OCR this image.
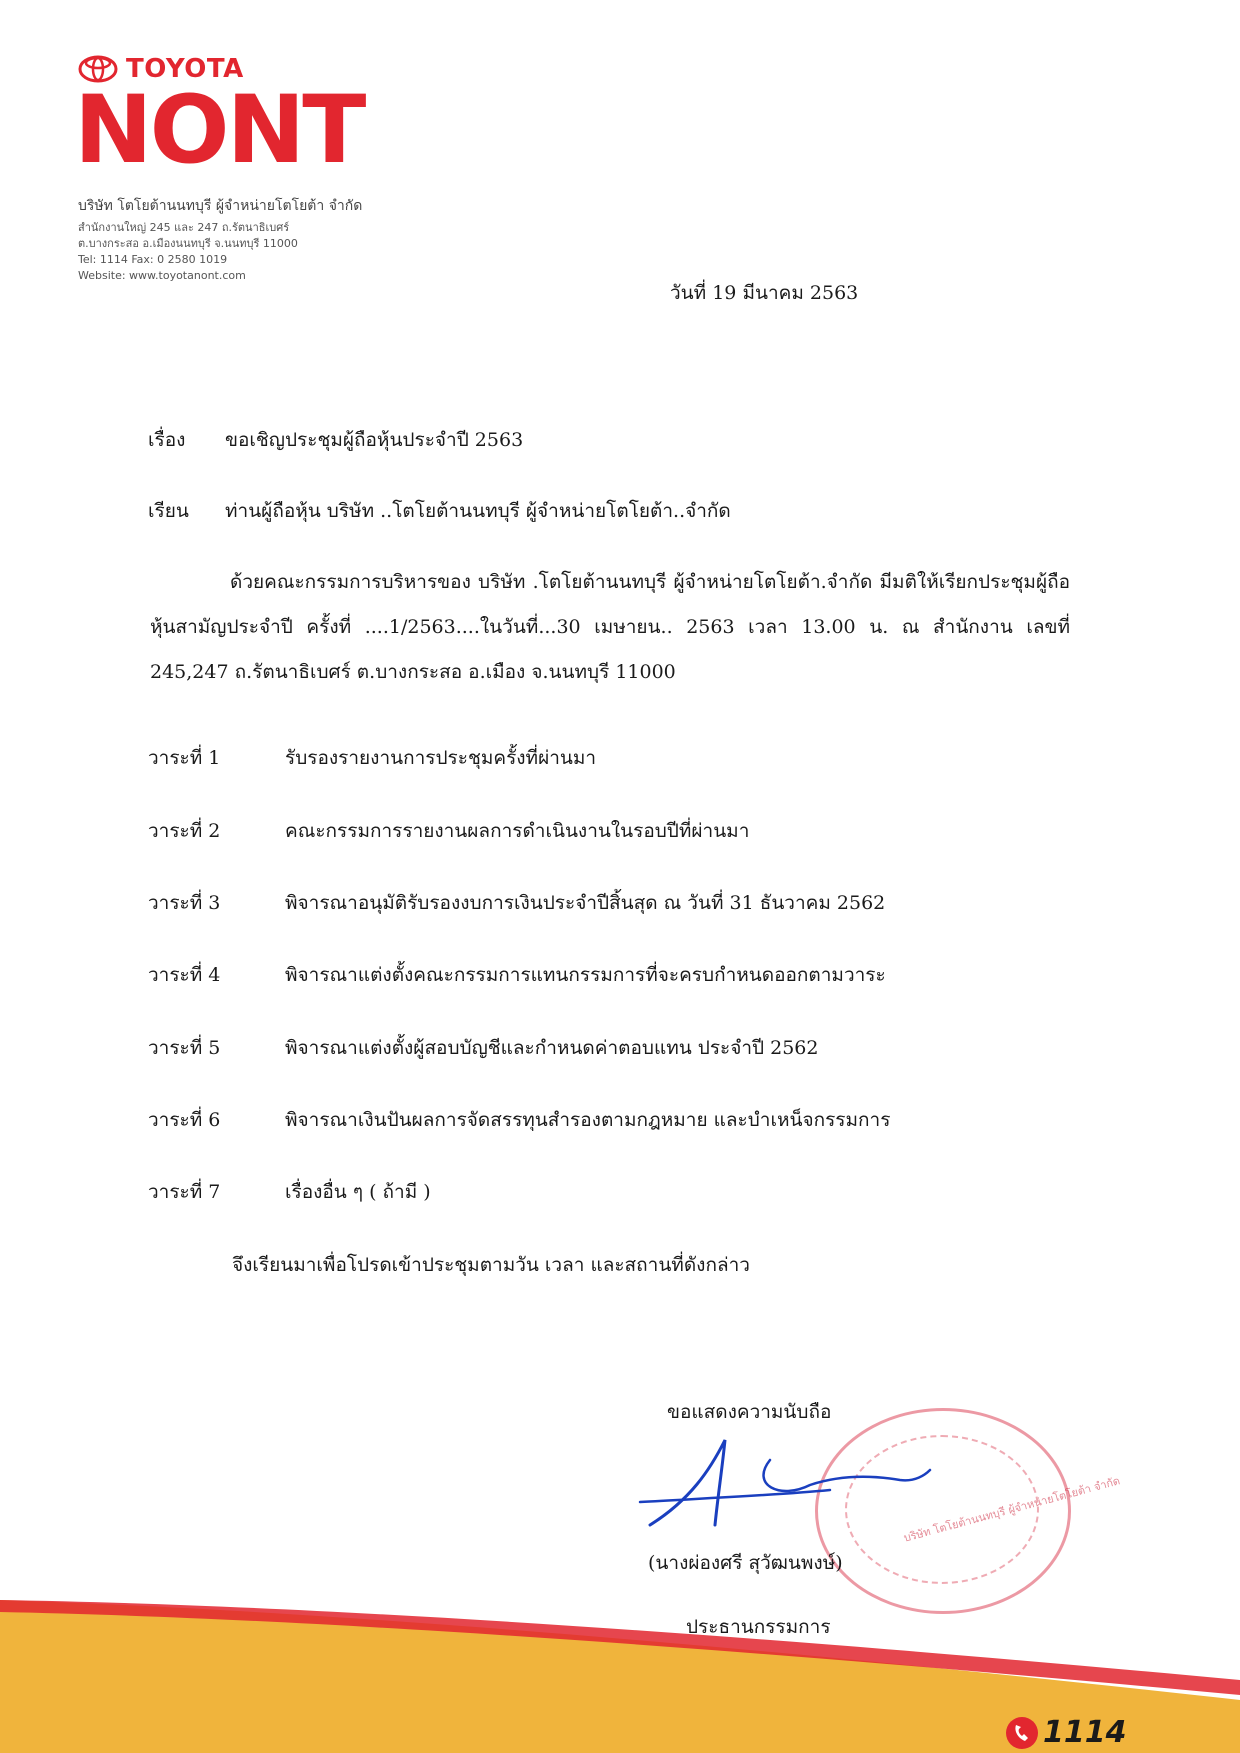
TOYOTA
NONT
บริษัท โตโยต้านนทบุรี ผู้จำหน่ายโตโยต้า จำกัด
สำนักงานใหญ่ 245 และ 247 ถ.รัตนาธิเบศร์
ต.บางกระสอ อ.เมืองนนทบุรี จ.นนทบุรี 11000
Tel: 1114 Fax: 0 2580 1019
Website: www.toyotanont.com
วันที่ 19 มีนาคม 2563
เรื่อง ขอเชิญประชุมผู้ถือหุ้นประจำปี 2563
เรียน ท่านผู้ถือหุ้น บริษัท ..โตโยต้านนทบุรี ผู้จำหน่ายโตโยต้า..จำกัด
ด้วยคณะกรรมการบริหารของ บริษัท .โตโยต้านนทบุรี ผู้จำหน่ายโตโยต้า.จำกัด มีมติให้เรียกประชุมผู้ถือหุ้นสามัญประจำปี ครั้งที่ ....1/2563....ในวันที่...30 เมษายน.. 2563 เวลา 13.00 น. ณ สำนักงาน เลขที่ 245,247 ถ.รัตนาธิเบศร์ ต.บางกระสอ อ.เมือง จ.นนทบุรี 11000
วาระที่ 1	รับรองรายงานการประชุมครั้งที่ผ่านมา
วาระที่ 2	คณะกรรมการรายงานผลการดำเนินงานในรอบปีที่ผ่านมา
วาระที่ 3	พิจารณาอนุมัติรับรองงบการเงินประจำปีสิ้นสุด ณ วันที่ 31 ธันวาคม 2562
วาระที่ 4	พิจารณาแต่งตั้งคณะกรรมการแทนกรรมการที่จะครบกำหนดออกตามวาระ
วาระที่ 5	พิจารณาแต่งตั้งผู้สอบบัญชีและกำหนดค่าตอบแทน ประจำปี 2562
วาระที่ 6	พิจารณาเงินปันผลการจัดสรรทุนสำรองตามกฎหมาย และบำเหน็จกรรมการ
วาระที่ 7	เรื่องอื่น ๆ ( ถ้ามี )
จึงเรียนมาเพื่อโปรดเข้าประชุมตามวัน เวลา และสถานที่ดังกล่าว
ขอแสดงความนับถือ
บริษัท โตโยต้านนทบุรี ผู้จำหน่ายโตโยต้า จำกัด
(นางผ่องศรี สุวัฒนพงษ์)
ประธานกรรมการ
1114
